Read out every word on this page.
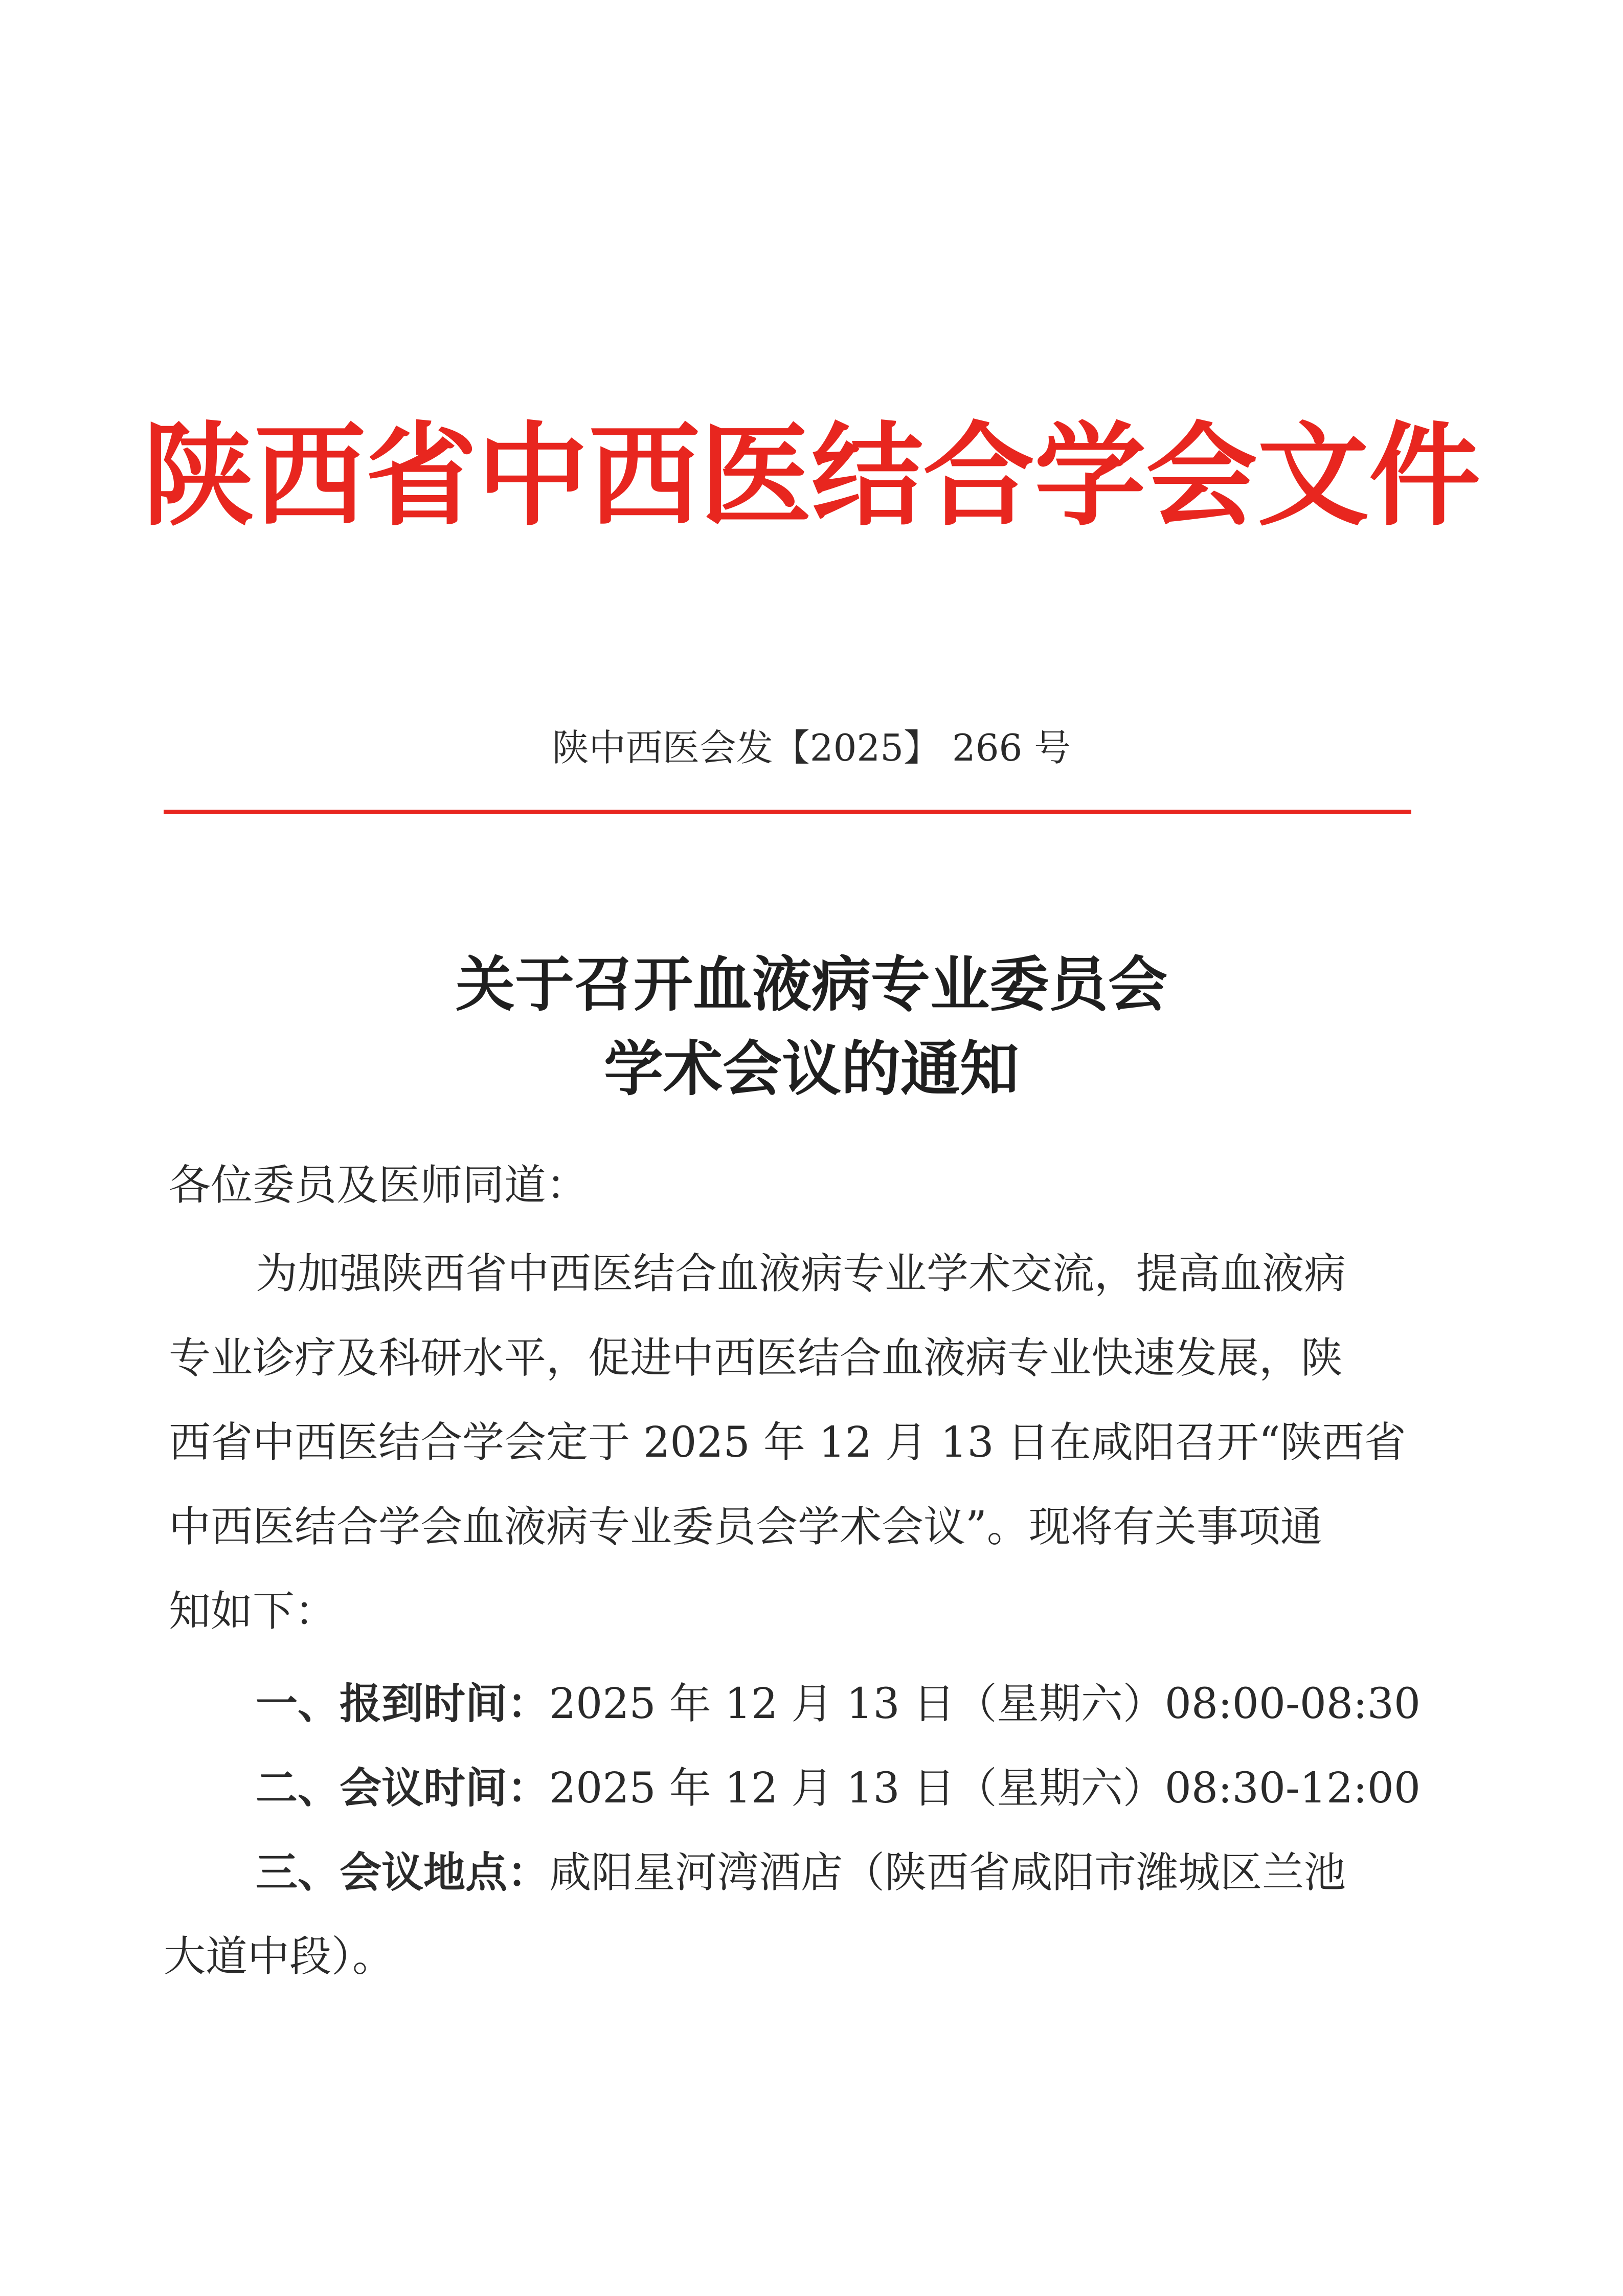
陕西省中西医结合学会文件
陕中西医会发【2025】 266 号
关于召开血液病专业委员会
学术会议的通知
各位委员及医师同道：
为加强陕西省中西医结合血液病专业学术交流，提高血液病
专业诊疗及科研水平，促进中西医结合血液病专业快速发展，陕
西省中西医结合学会定于 2025 年 12 月 13 日在咸阳召开“陕西省
中西医结合学会血液病专业委员会学术会议”。现将有关事项通
知如下：
一、报到时间：2025 年 12 月 13 日（星期六）08:00-08:30
二、会议时间：2025 年 12 月 13 日（星期六）08:30-12:00
三、会议地点：咸阳星河湾酒店（陕西省咸阳市潍城区兰池
大道中段）。
